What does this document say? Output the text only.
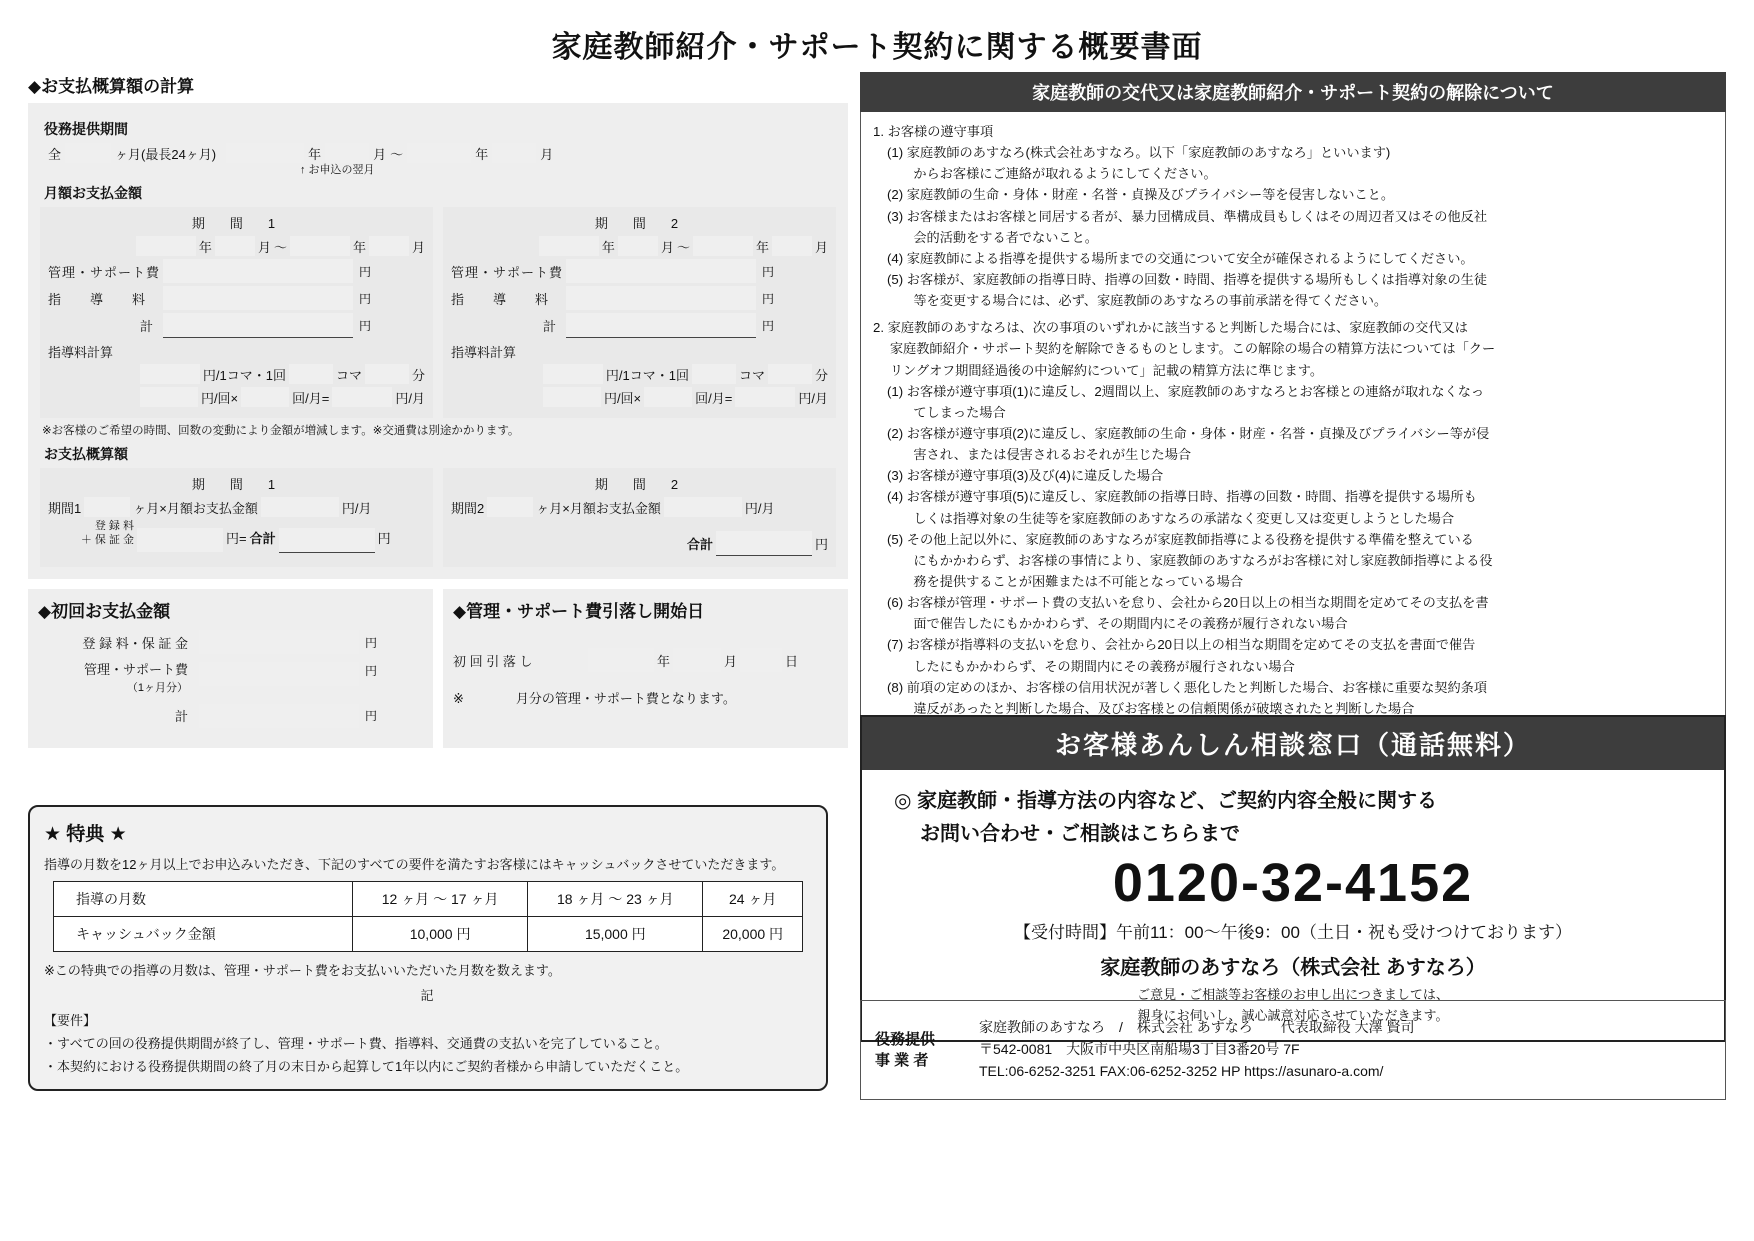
家庭教師紹介・サポート契約に関する概要書面
◆お支払概算額の計算
役務提供期間
全	ヶ月(最長24ヶ月)	年	月 ～	年	月
↑ お申込の翌月
月額お支払金額
期　間　1
年	月 ～	年	月
管理・サポート費	円
指　導　料	円
計	円
指導料計算
円/1コマ・1回	コマ	分
円/回×	回/月=	円/月
期　間　2
年	月 ～	年	月
管理・サポート費	円
指　導　料	円
計	円
指導料計算
円/1コマ・1回	コマ	分
円/回×	回/月=	円/月
※お客様のご希望の時間、回数の変動により金額が増減します。※交通費は別途かかります。
お支払概算額
期　間　1
期間1	ヶ月×月額お支払金額	円/月
登 録 料
＋ 保 証 金	円= 合計	円
期　間　2
期間2	ヶ月×月額お支払金額	円/月
合計	円
◆初回お支払金額
登 録 料・保 証 金	円
管理・サポート費
（1ヶ月分）
円
計	円
◆管理・サポート費引落し開始日
初 回 引 落 し	年	月	日
※　　　　月分の管理・サポート費となります。
★ 特典 ★

指導の月数を12ヶ月以上でお申込みいただき、下記のすべての要件を満たすお客様にはキャッシュバックさせていただきます。

指導の月数	12 ヶ月 ～ 17 ヶ月	18 ヶ月 ～ 23 ヶ月	24 ヶ月
キャッシュバック金額	10,000 円	15,000 円	20,000 円

※この特典での指導の月数は、管理・サポート費をお支払いいただいた月数を数えます。

記

【要件】

・すべての回の役務提供期間が終了し、管理・サポート費、指導料、交通費の支払いを完了していること。

・本契約における役務提供期間の終了月の末日から起算して1年以内にご契約者様から申請していただくこと。

家庭教師の交代又は家庭教師紹介・サポート契約の解除について

1. お客様の遵守事項

(1) 家庭教師のあすなろ(株式会社あすなろ。以下「家庭教師のあすなろ」といいます)

　　からお客様にご連絡が取れるようにしてください。

(2) 家庭教師の生命・身体・財産・名誉・貞操及びプライバシー等を侵害しないこと。

(3) お客様またはお客様と同居する者が、暴力団構成員、準構成員もしくはその周辺者又はその他反社

　　会的活動をする者でないこと。

(4) 家庭教師による指導を提供する場所までの交通について安全が確保されるようにしてください。

(5) お客様が、家庭教師の指導日時、指導の回数・時間、指導を提供する場所もしくは指導対象の生徒

　　等を変更する場合には、必ず、家庭教師のあすなろの事前承諾を得てください。

2. 家庭教師のあすなろは、次の事項のいずれかに該当すると判断した場合には、家庭教師の交代又は

　 家庭教師紹介・サポート契約を解除できるものとします。この解除の場合の精算方法については「クー

　 リングオフ期間経過後の中途解約について」記載の精算方法に準じます。

(1) お客様が遵守事項(1)に違反し、2週間以上、家庭教師のあすなろとお客様との連絡が取れなくなっ

　　てしまった場合

(2) お客様が遵守事項(2)に違反し、家庭教師の生命・身体・財産・名誉・貞操及びプライバシー等が侵

　　害され、または侵害されるおそれが生じた場合

(3) お客様が遵守事項(3)及び(4)に違反した場合

(4) お客様が遵守事項(5)に違反し、家庭教師の指導日時、指導の回数・時間、指導を提供する場所も

　　しくは指導対象の生徒等を家庭教師のあすなろの承諾なく変更し又は変更しようとした場合

(5) その他上記以外に、家庭教師のあすなろが家庭教師指導による役務を提供する準備を整えている

　　にもかかわらず、お客様の事情により、家庭教師のあすなろがお客様に対し家庭教師指導による役

　　務を提供することが困難または不可能となっている場合

(6) お客様が管理・サポート費の支払いを怠り、会社から20日以上の相当な期間を定めてその支払を書

　　面で催告したにもかかわらず、その期間内にその義務が履行されない場合

(7) お客様が指導料の支払いを怠り、会社から20日以上の相当な期間を定めてその支払を書面で催告

　　したにもかかわらず、その期間内にその義務が履行されない場合

(8) 前項の定めのほか、お客様の信用状況が著しく悪化したと判断した場合、お客様に重要な契約条項

　　違反があったと判断した場合、及びお客様との信頼関係が破壊されたと判断した場合

お客様あんしん相談窓口（通話無料）
◎ 家庭教師・指導方法の内容など、ご契約内容全般に関する
お問い合わせ・ご相談はこちらまで
0120-32-4152
【受付時間】午前11：00～午後9：00（土日・祝も受けつけております）
家庭教師のあすなろ（株式会社 あすなろ）
ご意見・ご相談等お客様のお申し出につきましては、
親身にお伺いし、誠心誠意対応させていただきます。
役務提供
事 業 者
家庭教師のあすなろ　/　株式会社 あすなろ　　代表取締役 大澤 賢司
〒542-0081　大阪市中央区南船場3丁目3番20号 7F
TEL:06-6252-3251 FAX:06-6252-3252 HP https://asunaro-a.com/
